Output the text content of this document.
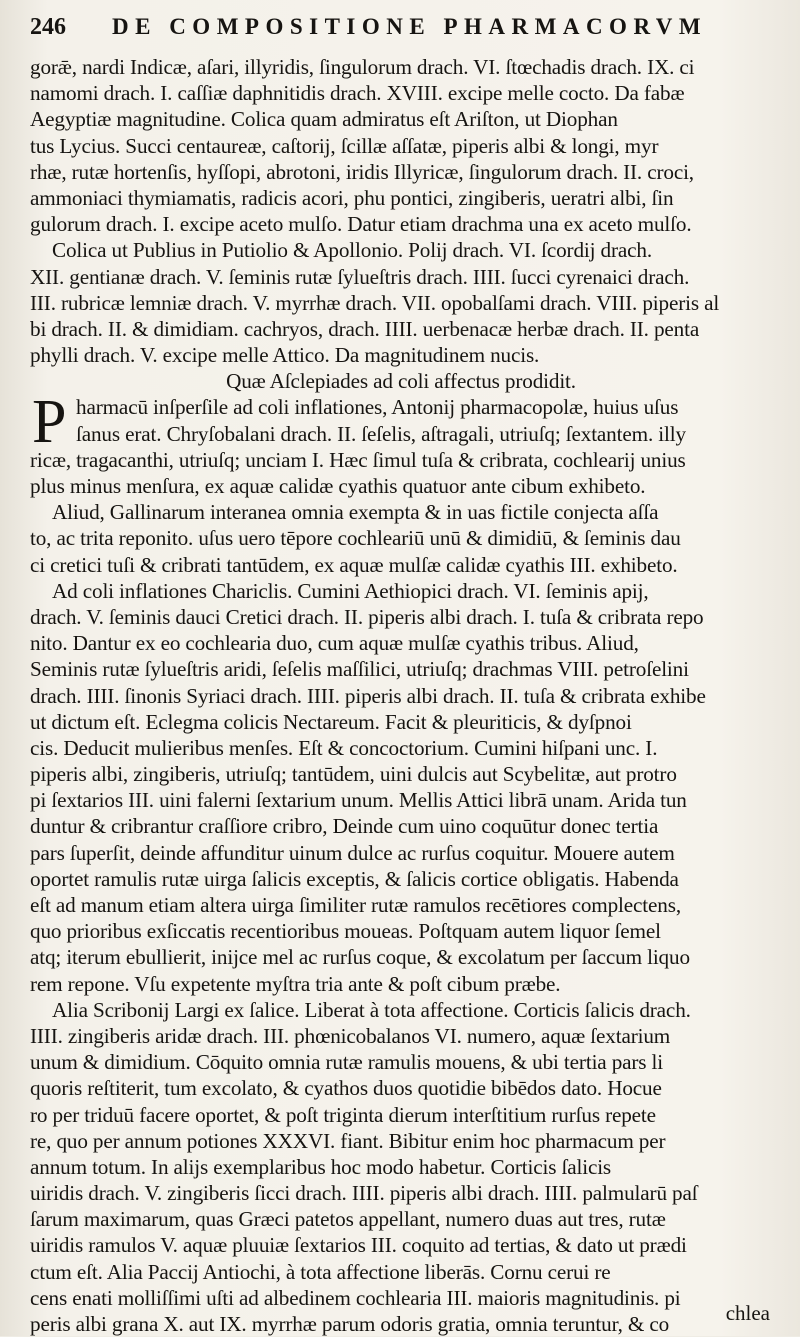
246	DE COMPOSITIONE PHARMACORVM
gorǣ, nardi Indicæ, aſari, illyridis, ſingulorum drach. VI. ſtœchadis drach. IX. ci
namomi drach. I. caſſiæ daphnitidis drach. XVIII. excipe melle cocto. Da fabæ
Aegyptiæ magnitudine. Colica quam admiratus eſt Ariſton, ut Diophan
tus Lycius. Succi centaureæ, caſtorij, ſcillæ aſſatæ, piperis albi & longi, myr
rhæ, rutæ hortenſis, hyſſopi, abrotoni, iridis Illyricæ, ſingulorum drach. II. croci,
ammoniaci thymiamatis, radicis acori, phu pontici, zingiberis, ueratri albi, ſin
gulorum drach. I. excipe aceto mulſo. Datur etiam drachma una ex aceto mulſo.
Colica ut Publius in Putiolio & Apollonio. Polij drach. VI. ſcordij drach.
XII. gentianæ drach. V. ſeminis rutæ ſylueſtris drach. IIII. ſucci cyrenaici drach.
III. rubricæ lemniæ drach. V. myrrhæ drach. VII. opobalſami drach. VIII. piperis al
bi drach. II. & dimidiam. cachryos, drach. IIII. uerbenacæ herbæ drach. II. penta
phylli drach. V. excipe melle Attico. Da magnitudinem nucis.
Quæ Aſclepiades ad coli affectus prodidit.
P harmacū inſperſile ad coli inflationes, Antonij pharmacopolæ, huius uſus
ſanus erat. Chryſobalani drach. II. ſeſelis, aſtragali, utriuſq; ſextantem. illy
ricæ, tragacanthi, utriuſq; unciam I. Hæc ſimul tuſa & cribrata, cochlearij unius
plus minus menſura, ex aquæ calidæ cyathis quatuor ante cibum exhibeto.
Aliud, Gallinarum interanea omnia exempta & in uas fictile conjecta aſſa
to, ac trita reponito. uſus uero tēpore cochleariū unū & dimidiū, & ſeminis dau
ci cretici tuſi & cribrati tantūdem, ex aquæ mulſæ calidæ cyathis III. exhibeto.
Ad coli inflationes Chariclis. Cumini Aethiopici drach. VI. ſeminis apij,
drach. V. ſeminis dauci Cretici drach. II. piperis albi drach. I. tuſa & cribrata repo
nito. Dantur ex eo cochlearia duo, cum aquæ mulſæ cyathis tribus. Aliud,
Seminis rutæ ſylueſtris aridi, ſeſelis maſſilici, utriuſq; drachmas VIII. petroſelini
drach. IIII. ſinonis Syriaci drach. IIII. piperis albi drach. II. tuſa & cribrata exhibe
ut dictum eſt. Eclegma colicis Nectareum. Facit & pleuriticis, & dyſpnoi
cis. Deducit mulieribus menſes. Eſt & concoctorium. Cumini hiſpani unc. I.
piperis albi, zingiberis, utriuſq; tantūdem, uini dulcis aut Scybelitæ, aut protro
pi ſextarios III. uini falerni ſextarium unum. Mellis Attici librā unam. Arida tun
duntur & cribrantur craſſiore cribro, Deinde cum uino coquūtur donec tertia
pars ſuperſit, deinde affunditur uinum dulce ac rurſus coquitur. Mouere autem
oportet ramulis rutæ uirga ſalicis exceptis, & ſalicis cortice obligatis. Habenda
eſt ad manum etiam altera uirga ſimiliter rutæ ramulos recētiores complectens,
quo prioribus exſiccatis recentioribus moueas. Poſtquam autem liquor ſemel
atq; iterum ebullierit, inijce mel ac rurſus coque, & excolatum per ſaccum liquo
rem repone. Vſu expetente myſtra tria ante & poſt cibum præbe.
Alia Scribonij Largi ex ſalice. Liberat à tota affectione. Corticis ſalicis drach.
IIII. zingiberis aridæ drach. III. phœnicobalanos VI. numero, aquæ ſextarium
unum & dimidium. Cōquito omnia rutæ ramulis mouens, & ubi tertia pars li
quoris reſtiterit, tum excolato, & cyathos duos quotidie bibēdos dato. Hocue
ro per triduū facere oportet, & poſt triginta dierum interſtitium rurſus repete
re, quo per annum potiones XXXVI. fiant. Bibitur enim hoc pharmacum per
annum totum. In alijs exemplaribus hoc modo habetur. Corticis ſalicis
uiridis drach. V. zingiberis ſicci drach. IIII. piperis albi drach. IIII. palmularū paſ
ſarum maximarum, quas Græci patetos appellant, numero duas aut tres, rutæ
uiridis ramulos V. aquæ pluuiæ ſextarios III. coquito ad tertias, & dato ut prædi
ctum eſt. Alia Paccij Antiochi, à tota affectione liberās. Cornu cerui re
cens enati molliſſimi uſti ad albedinem cochlearia III. maioris magnitudinis. pi
peris albi grana X. aut IX. myrrhæ parum odoris gratia, omnia teruntur, & co	chlea
